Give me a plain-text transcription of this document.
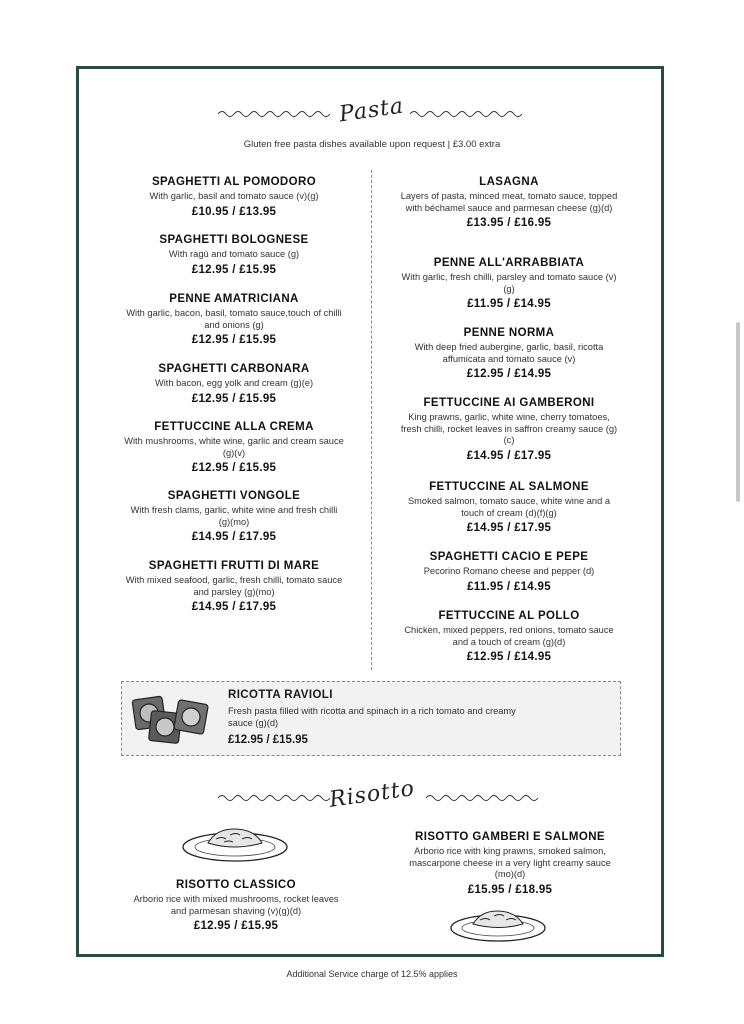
Pasta
Gluten free pasta dishes available upon request | £3.00 extra
SPAGHETTI AL POMODORO
With garlic, basil and tomato sauce (v)(g)
£10.95 / £13.95
SPAGHETTI BOLOGNESE
With ragù and tomato sauce (g)
£12.95 / £15.95
PENNE AMATRICIANA
With garlic, bacon, basil, tomato sauce,touch of chilli and onions (g)
£12.95 / £15.95
SPAGHETTI CARBONARA
With bacon, egg yolk and cream (g)(e)
£12.95 / £15.95
FETTUCCINE ALLA CREMA
With mushrooms, white wine, garlic and cream sauce (g)(v)
£12.95 / £15.95
SPAGHETTI VONGOLE
With fresh clams, garlic, white wine and fresh chilli (g)(mo)
£14.95 / £17.95
SPAGHETTI FRUTTI DI MARE
With mixed seafood, garlic, fresh chilli, tomato sauce and parsley (g)(mo)
£14.95 / £17.95
LASAGNA
Layers of pasta, minced meat, tomato sauce, topped with béchamel sauce and parmesan cheese (g)(d)
£13.95 / £16.95
PENNE ALL'ARRABBIATA
With garlic, fresh chilli, parsley and tomato sauce (v)(g)
£11.95 / £14.95
PENNE NORMA
With deep fried aubergine, garlic, basil, ricotta affumicata and tomato sauce (v)
£12.95 / £14.95
FETTUCCINE AI GAMBERONI
King prawns, garlic, white wine, cherry tomatoes, fresh chilli, rocket leaves in saffron creamy sauce (g)(c)
£14.95 / £17.95
FETTUCCINE AL SALMONE
Smoked salmon, tomato sauce, white wine and a touch of cream (d)(f)(g)
£14.95 / £17.95
SPAGHETTI CACIO E PEPE
Pecorino Romano cheese and pepper (d)
£11.95 / £14.95
FETTUCCINE AL POLLO
Chicken, mixed peppers, red onions, tomato sauce and a touch of cream (g)(d)
£12.95 / £14.95
RICOTTA RAVIOLI
Fresh pasta filled with ricotta and spinach in a rich tomato and creamy sauce (g)(d)
£12.95 / £15.95
Risotto
RISOTTO CLASSICO
Arborio rice with mixed mushrooms, rocket leaves and parmesan shaving (v)(g)(d)
£12.95 / £15.95
RISOTTO GAMBERI E SALMONE
Arborio rice with king prawns, smoked salmon, mascarpone cheese in a very light creamy sauce (mo)(d)
£15.95 / £18.95
Additional Service charge of 12.5% applies
